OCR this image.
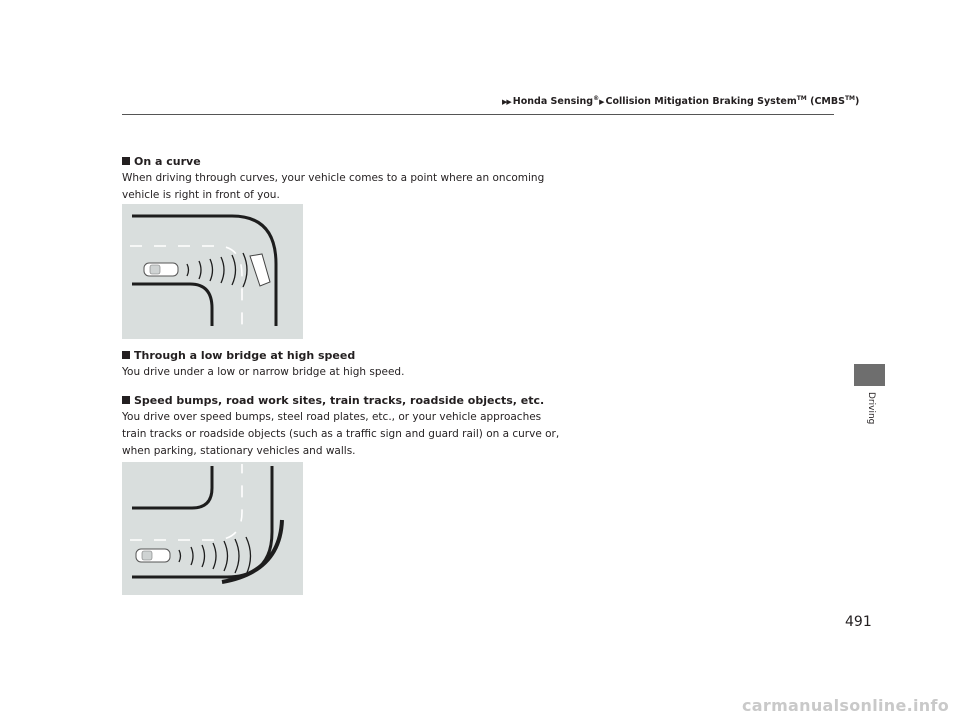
▶▶ Honda Sensing®▶ Collision Mitigation Braking System™ (CMBS™)
Driving
On a curve
When driving through curves, your vehicle comes to a point where an oncoming vehicle is right in front of you.
Through a low bridge at high speed
You drive under a low or narrow bridge at high speed.
Speed bumps, road work sites, train tracks, roadside objects, etc.
You drive over speed bumps, steel road plates, etc., or your vehicle approaches train tracks or roadside objects (such as a traffic sign and guard rail) on a curve or, when parking, stationary vehicles and walls.
491
carmanualsonline.info
